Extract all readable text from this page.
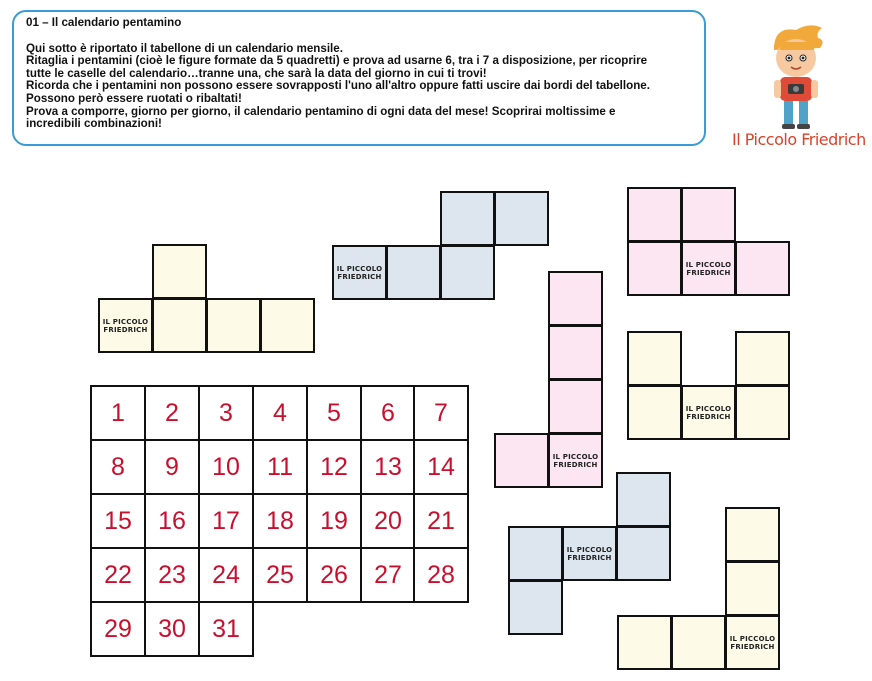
01 – Il calendario pentamino
Qui sotto è riportato il tabellone di un calendario mensile.
Ritaglia i pentamini (cioè le figure formate da 5 quadretti) e prova ad usarne 6, tra i 7 a disposizione, per ricoprire
tutte le caselle del calendario…tranne una, che sarà la data del giorno in cui ti trovi!
Ricorda che i pentamini non possono essere sovrapposti l'uno all'altro oppure fatti uscire dai bordi del tabellone.
Possono però essere ruotati o ribaltati!
Prova a comporre, giorno per giorno, il calendario pentamino di ogni data del mese! Scoprirai moltissime e
incredibili combinazioni!
Il Piccolo Friedrich
1	2	3	4	5	6	7
8	9	10	11	12	13	14
15	16	17	18	19	20	21
22	23	24	25	26	27	28
29	30	31
IL PICCOLO
FRIEDRICH
IL PICCOLO
FRIEDRICH
IL PICCOLO
FRIEDRICH
IL PICCOLO
FRIEDRICH
IL PICCOLO
FRIEDRICH
IL PICCOLO
FRIEDRICH
IL PICCOLO
FRIEDRICH
